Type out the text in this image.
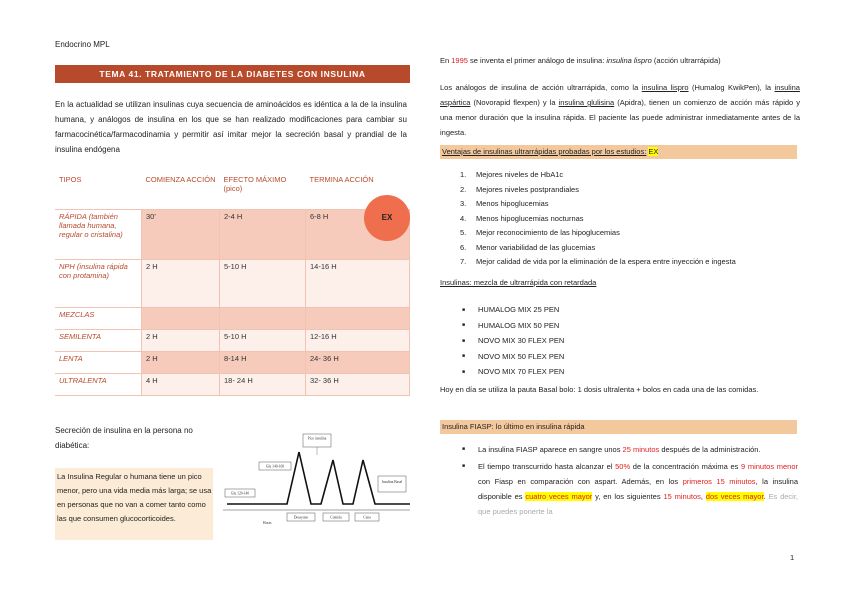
Endocrino MPL
TEMA 41. TRATAMIENTO DE LA DIABETES CON INSULINA
En la actualidad se utilizan insulinas cuya secuencia de aminoácidos es idéntica a la de la insulina humana, y análogos de insulina en los que se han realizado modificaciones para cambiar su farmacocinética/farmacodinamia y permitir así imitar mejor la secreción basal y prandial de la insulina endógena
TIPOS	COMIENZA ACCIÓN	EFECTO MÁXIMO (pico)	TERMINA ACCIÓN
RÁPIDA (también llamada humana, regular o cristalina)	30'	2-4 H	6-8 H
NPH (insulina rápida con protamina)	2 H	5-10 H	14-16 H
MEZCLAS			
SEMILENTA	2 H	5-10 H	12-16 H
LENTA	2 H	8-14 H	24- 36 H
ULTRALENTA	4 H	18- 24 H	32- 36 H
EX
Secreción de insulina en la persona no diabética:
La Insulina Regular o humana tiene un pico menor, pero una vida media más larga; se usa en personas que no van a comer tanto como las que consumen glucocorticoides.
Pico insulina
Glu 140-160
Glu 120-140
Insulina Basal
Desayuno	Comida	Cena
Horas
En 1995 se inventa el primer análogo de insulina: insulina lispro (acción ultrarrápida)
Los análogos de insulina de acción ultrarrápida, como la insulina lispro (Humalog KwikPen), la insulina aspártica (Novorapid flexpen) y la insulina glulisina (Apidra), tienen un comienzo de acción más rápido y una menor duración que la insulina rápida. El paciente las puede administrar inmediatamente antes de la ingesta.
Ventajas de insulinas ultrarrápidas probadas por los estudios: EX
1. Mejores niveles de HbA1c
2. Mejores niveles postprandiales
3. Menos hipoglucemias
4. Menos hipoglucemias nocturnas
5. Mejor reconocimiento de las hipoglucemias
6. Menor variabilidad de las glucemias
7. Mejor calidad de vida por la eliminación de la espera entre inyección e ingesta
Insulinas: mezcla de ultrarrápida con retardada
■ HUMALOG MIX 25 PEN
■ HUMALOG MIX 50 PEN
■ NOVO MIX 30 FLEX PEN
■ NOVO MIX 50 FLEX PEN
■ NOVO MIX 70 FLEX PEN
Hoy en día se utiliza la pauta Basal bolo: 1 dosis ultralenta + bolos en cada una de las comidas.
Insulina FIASP: lo último en insulina rápida
■ La insulina FIASP aparece en sangre unos 25 minutos después de la administración.
■ El tiempo transcurrido hasta alcanzar el 50% de la concentración máxima es 9 minutos menor con Fiasp en comparación con aspart. Además, en los primeros 15 minutos, la insulina disponible es cuatro veces mayor y, en los siguientes 15 minutos, dos veces mayor. Es decir, que puedes ponerte la
1
